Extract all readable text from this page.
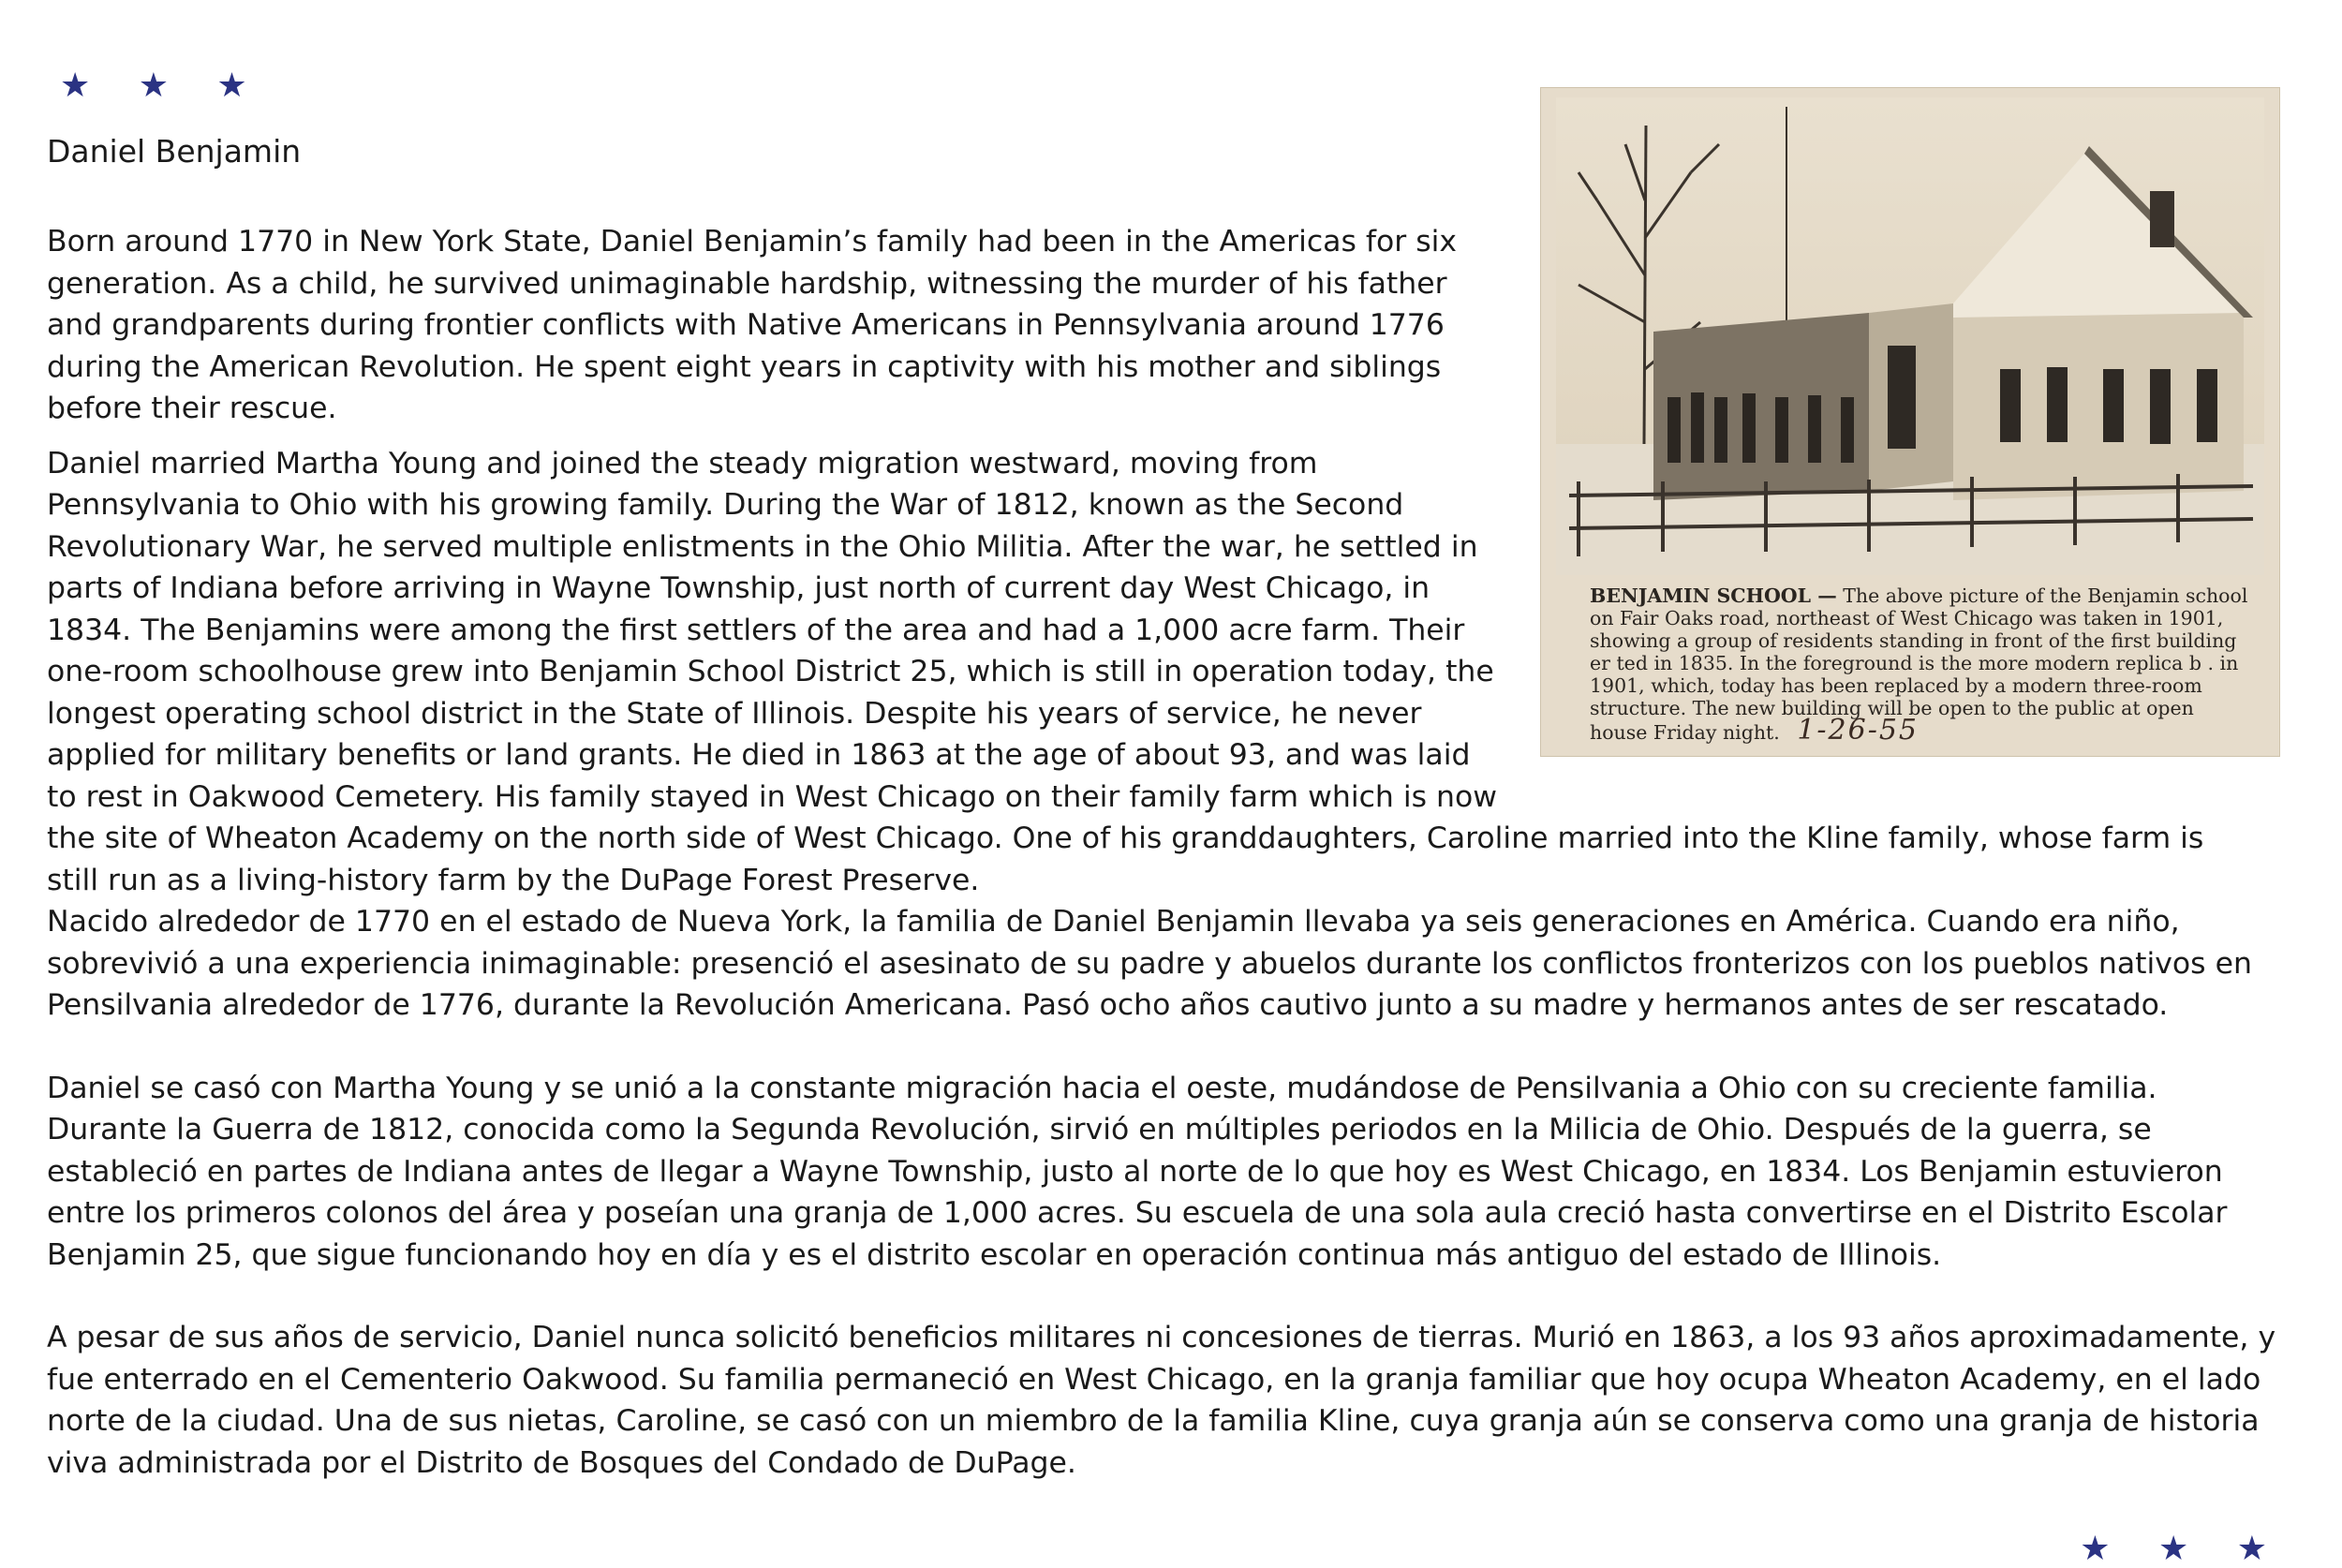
★ ★ ★
Daniel Benjamin

Born around 1770 in New York State, Daniel Benjamin’s family had been in the Americas for six generation. As a child, he survived unimaginable hardship, witnessing the murder of his father and grandparents during frontier conflicts with Native Americans in Pennsylvania around 1776 during the American Revolution. He spent eight years in captivity with his mother and siblings before their rescue.

Daniel married Martha Young and joined the steady migration westward, moving from Pennsylvania to Ohio with his growing family. During the War of 1812, known as the Second Revolutionary War, he served multiple enlistments in the Ohio Militia. After the war, he settled in parts of Indiana before arriving in Wayne Township, just north of current day West Chicago, in 1834. The Benjamins were among the first settlers of the area and had a 1,000 acre farm. Their one-room schoolhouse grew into Benjamin School District 25, which is still in operation today, the longest operating school district in the State of Illinois. Despite his years of service, he never applied for military benefits or land grants. He died in 1863 at the age of about 93, and was laid to rest in Oakwood Cemetery. His family stayed in West Chicago on their family farm which is now the site of Wheaton Academy on the north side of West Chicago. One of his granddaughters, Caroline married into the Kline family, whose farm is still run as a living-history farm by the DuPage Forest Preserve.

BENJAMIN SCHOOL — The above picture of the Benjamin school on Fair Oaks road, northeast of West Chicago was taken in 1901, showing a group of residents standing in front of the first building er ted in 1835. In the foreground is the more modern replica b . in 1901, which, today has been replaced by a modern three-room structure. The new building will be open to the public at open house Friday night. 1-26-55

Nacido alrededor de 1770 en el estado de Nueva York, la familia de Daniel Benjamin llevaba ya seis generaciones en América. Cuando era niño, sobrevivió a una experiencia inimaginable: presenció el asesinato de su padre y abuelos durante los conflictos fronterizos con los pueblos nativos en Pensilvania alrededor de 1776, durante la Revolución Americana. Pasó ocho años cautivo junto a su madre y hermanos antes de ser rescatado.

Daniel se casó con Martha Young y se unió a la constante migración hacia el oeste, mudándose de Pensilvania a Ohio con su creciente familia. Durante la Guerra de 1812, conocida como la Segunda Revolución, sirvió en múltiples periodos en la Milicia de Ohio. Después de la guerra, se estableció en partes de Indiana antes de llegar a Wayne Township, justo al norte de lo que hoy es West Chicago, en 1834. Los Benjamin estuvieron entre los primeros colonos del área y poseían una granja de 1,000 acres. Su escuela de una sola aula creció hasta convertirse en el Distrito Escolar Benjamin 25, que sigue funcionando hoy en día y es el distrito escolar en operación continua más antiguo del estado de Illinois.

A pesar de sus años de servicio, Daniel nunca solicitó beneficios militares ni concesiones de tierras. Murió en 1863, a los 93 años aproximadamente, y fue enterrado en el Cementerio Oakwood. Su familia permaneció en West Chicago, en la granja familiar que hoy ocupa Wheaton Academy, en el lado norte de la ciudad. Una de sus nietas, Caroline, se casó con un miembro de la familia Kline, cuya granja aún se conserva como una granja de historia viva administrada por el Distrito de Bosques del Condado de DuPage.

★ ★ ★
